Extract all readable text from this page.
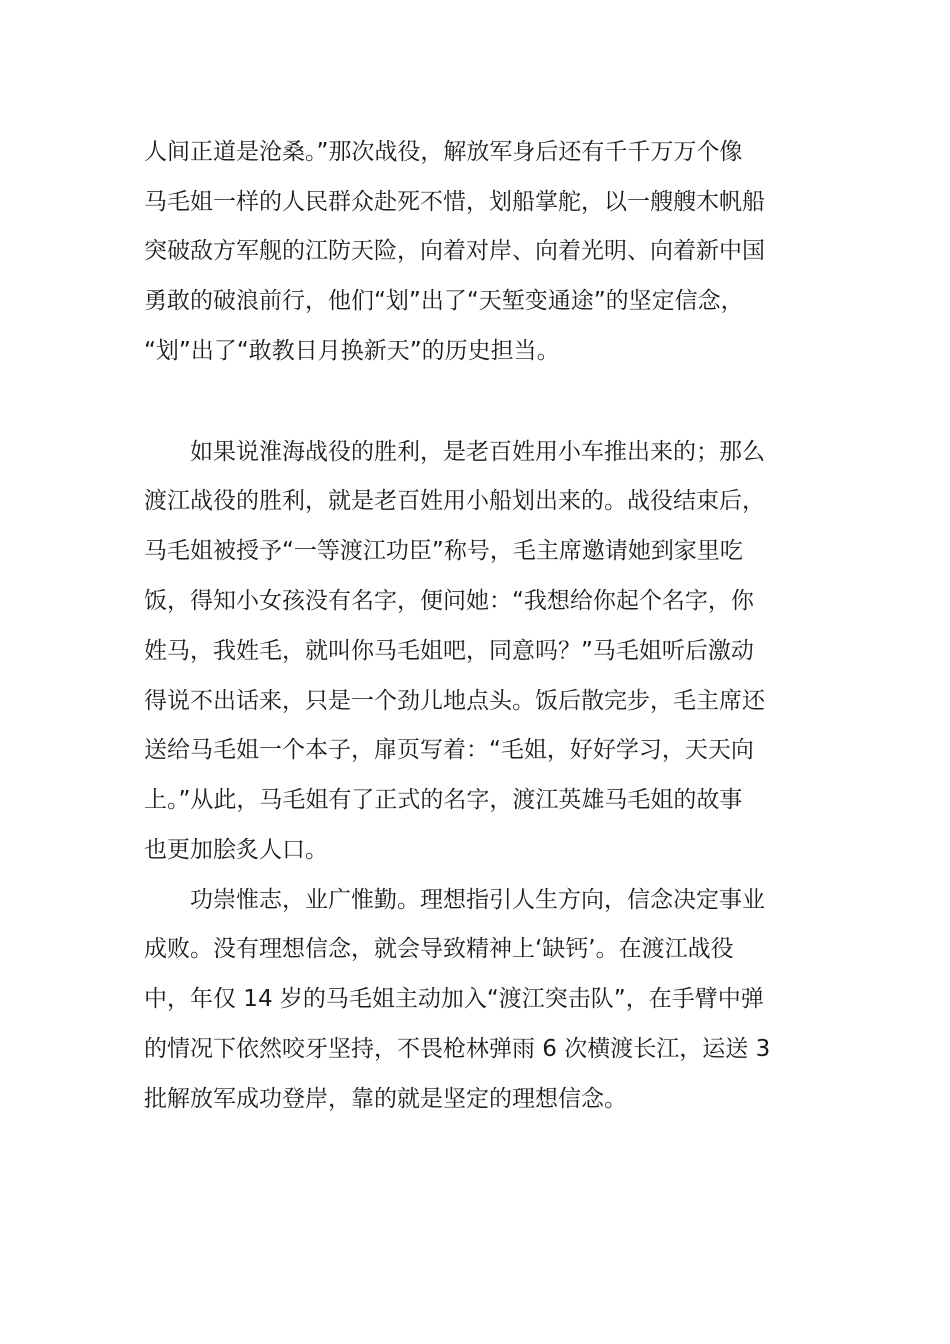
人间正道是沧桑。”那次战役，解放军身后还有千千万万个像
马毛姐一样的人民群众赴死不惜，划船掌舵，以一艘艘木帆船
突破敌方军舰的江防天险，向着对岸、向着光明、向着新中国
勇敢的破浪前行，他们“划”出了“天堑变通途”的坚定信念，
“划”出了“敢教日月换新天”的历史担当。
如果说淮海战役的胜利，是老百姓用小车推出来的；那么
渡江战役的胜利，就是老百姓用小船划出来的。战役结束后，
马毛姐被授予“一等渡江功臣”称号，毛主席邀请她到家里吃
饭，得知小女孩没有名字，便问她：“我想给你起个名字，你
姓马，我姓毛，就叫你马毛姐吧，同意吗？”马毛姐听后激动
得说不出话来，只是一个劲儿地点头。饭后散完步，毛主席还
送给马毛姐一个本子，扉页写着：“毛姐，好好学习，天天向
上。”从此，马毛姐有了正式的名字，渡江英雄马毛姐的故事
也更加脍炙人口。
功崇惟志，业广惟勤。理想指引人生方向，信念决定事业
成败。没有理想信念，就会导致精神上‘缺钙’。在渡江战役
中，年仅 14 岁的马毛姐主动加入“渡江突击队”，在手臂中弹
的情况下依然咬牙坚持，不畏枪林弹雨 6 次横渡长江，运送 3
批解放军成功登岸，靠的就是坚定的理想信念。
